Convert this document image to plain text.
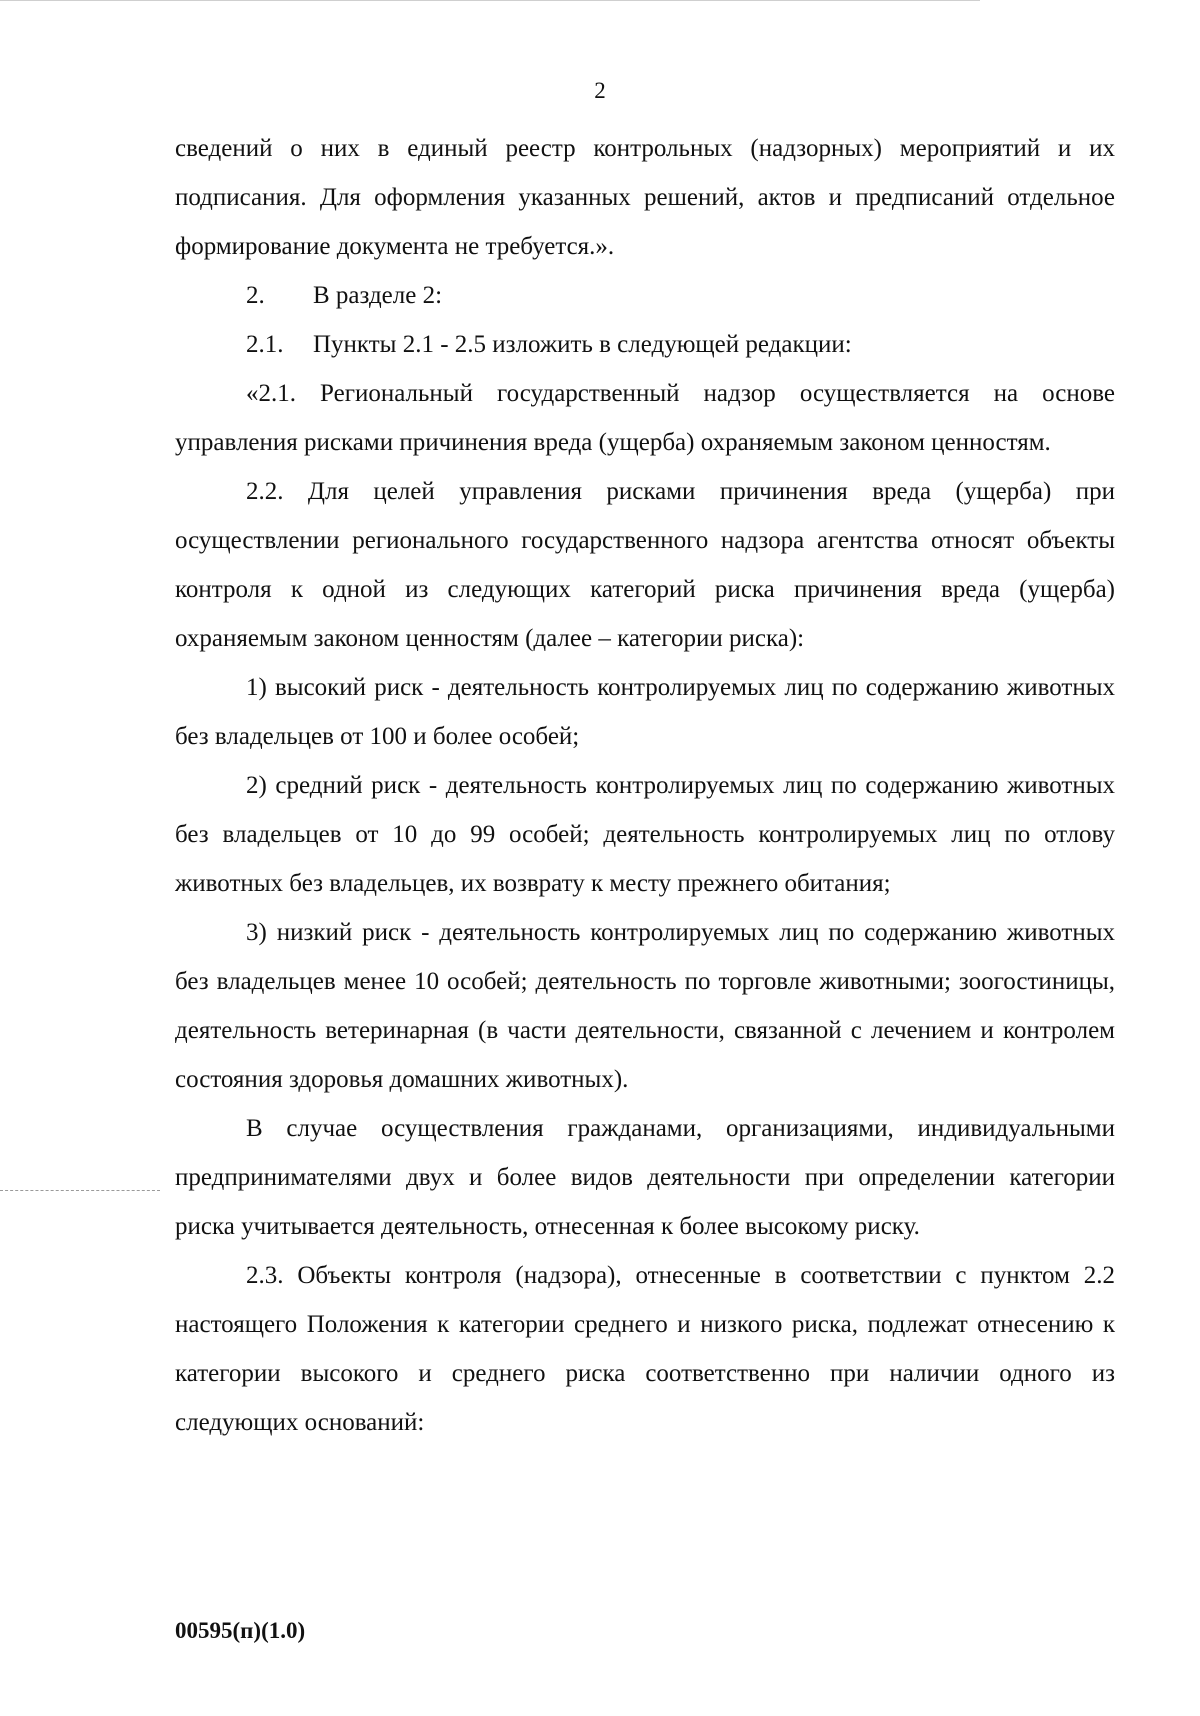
2

сведений о них в единый реестр контрольных (надзорных) мероприятий и их подписания. Для оформления указанных решений, актов и предписаний отдельное формирование документа не требуется.».

2.	В разделе 2:
2.1.	Пункты 2.1 - 2.5 изложить в следующей редакции:

«2.1. Региональный государственный надзор осуществляется на основе управления рисками причинения вреда (ущерба) охраняемым законом ценностям.

2.2. Для целей управления рисками причинения вреда (ущерба) при осуществлении регионального государственного надзора агентства относят объекты контроля к одной из следующих категорий риска причинения вреда (ущерба) охраняемым законом ценностям (далее – категории риска):

1) высокий риск - деятельность контролируемых лиц по содержанию животных без владельцев от 100 и более особей;

2) средний риск - деятельность контролируемых лиц по содержанию животных без владельцев от 10 до 99 особей; деятельность контролируемых лиц по отлову животных без владельцев, их возврату к месту прежнего обитания;

3) низкий риск - деятельность контролируемых лиц по содержанию животных без владельцев менее 10 особей; деятельность по торговле животными; зоогостиницы, деятельность ветеринарная (в части деятельности, связанной с лечением и контролем состояния здоровья домашних животных).

В случае осуществления гражданами, организациями, индивидуальными предпринимателями двух и более видов деятельности при определении категории риска учитывается деятельность, отнесенная к более высокому риску.

2.3. Объекты контроля (надзора), отнесенные в соответствии с пунктом 2.2 настоящего Положения к категории среднего и низкого риска, подлежат отнесению к категории высокого и среднего риска соответственно при наличии одного из следующих оснований:

00595(п)(1.0)
